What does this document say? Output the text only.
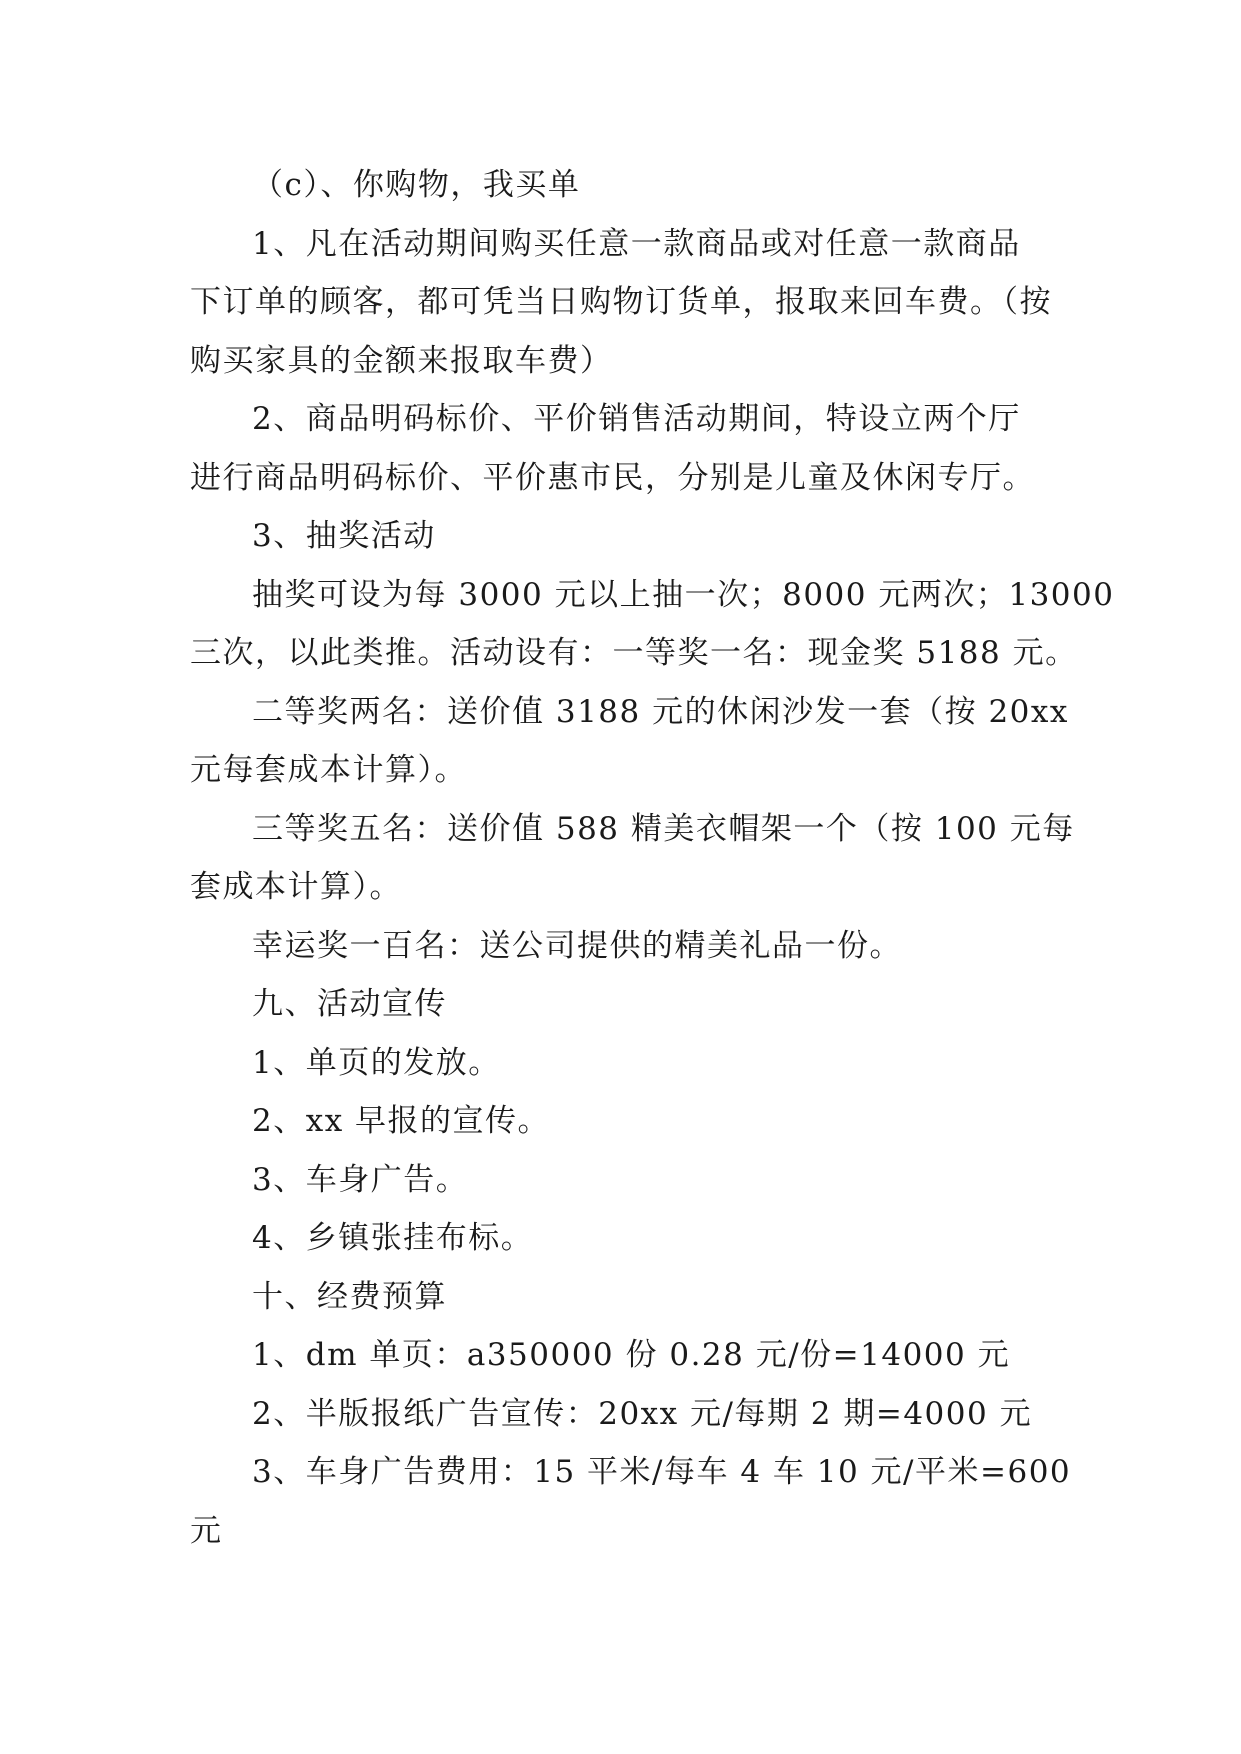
（c）、你购物，我买单
1、凡在活动期间购买任意一款商品或对任意一款商品
下订单的顾客，都可凭当日购物订货单，报取来回车费。（按
购买家具的金额来报取车费）
2、商品明码标价、平价销售活动期间，特设立两个厅
进行商品明码标价、平价惠市民，分别是儿童及休闲专厅。
3、抽奖活动
抽奖可设为每 3000 元以上抽一次；8000 元两次；13000
三次，以此类推。活动设有：一等奖一名：现金奖 5188 元。
二等奖两名：送价值 3188 元的休闲沙发一套（按 20xx
元每套成本计算）。
三等奖五名：送价值 588 精美衣帽架一个（按 100 元每
套成本计算）。
幸运奖一百名：送公司提供的精美礼品一份。
九、活动宣传
1、单页的发放。
2、xx 早报的宣传。
3、车身广告。
4、乡镇张挂布标。
十、经费预算
1、dm 单页：a350000 份 0.28 元/份=14000 元
2、半版报纸广告宣传：20xx 元/每期 2 期=4000 元
3、车身广告费用：15 平米/每车 4 车 10 元/平米=600
元
